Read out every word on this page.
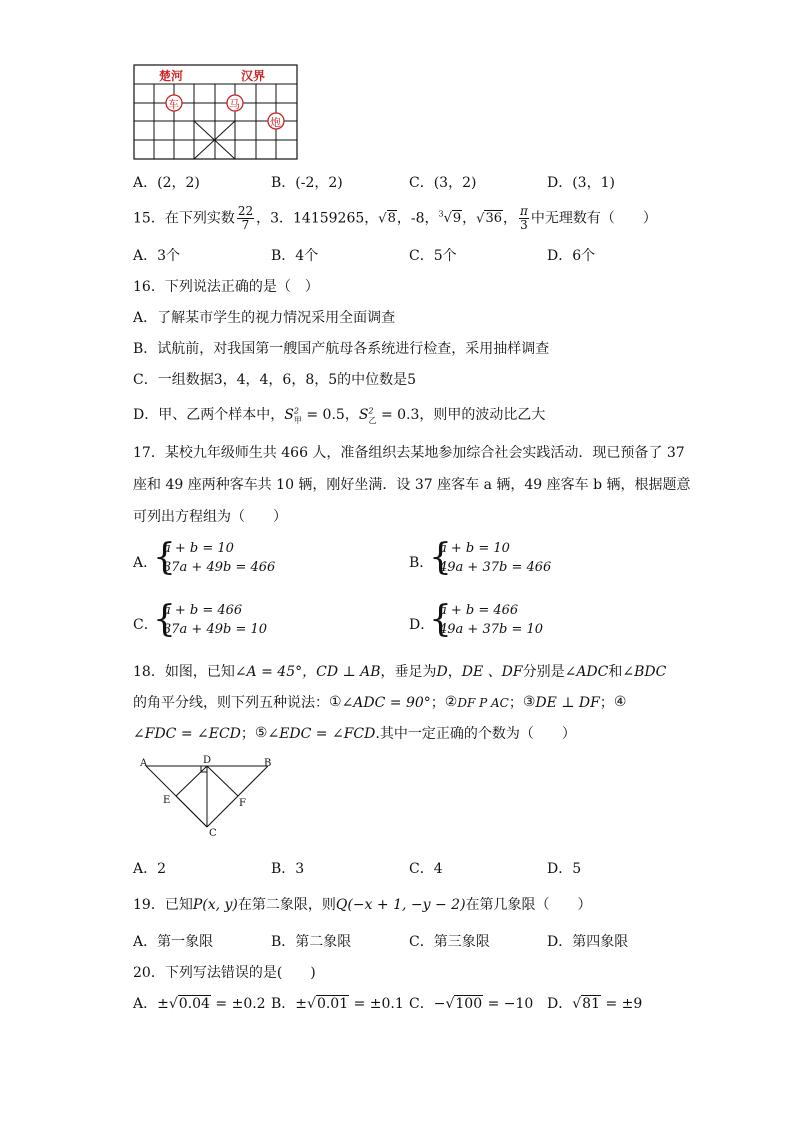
楚河	汉界
车	马
炮
A．(2，2)	B．(-2，2)	C．(3，2)	D．(3，1)
15．在下列实数 $\frac{22}{7}$ ，3．14159265，√8，-8，$^3$√9，√36， $\frac{\pi}{3}$ 中无理数有（　　）
A．3个	B．4个	C．5个	D．6个
16．下列说法正确的是（　）
A．了解某市学生的视力情况采用全面调查
B．试航前，对我国第一艘国产航母各系统进行检查，采用抽样调查
C．一组数据3，4，4，6，8，5的中位数是5
D．甲、乙两个样本中，$S^2_甲 = 0.5$，$S^2_乙 = 0.3$，则甲的波动比乙大
17．某校九年级师生共 466 人，准备组织去某地参加综合社会实践活动．现已预备了 37
座和 49 座两种客车共 10 辆，刚好坐满．设 37 座客车 a 辆，49 座客车 b 辆，根据题意
可列出方程组为（　　）
A．
{
a + b = 10
37a + 49b = 466	B．
{
a + b = 10
49a + 37b = 466
C．
{
a + b = 466
37a + 49b = 10	D．
{
a + b = 466
49a + 37b = 10
18．如图，已知∠A = 45°，CD ⊥ AB，垂足为D，DE 、DF分别是∠ADC和∠BDC
的角平分线，则下列五种说法：①∠ADC = 90°；②DF P AC；③DE ⊥ DF；④
∠FDC = ∠ECD；⑤∠EDC = ∠FCD.其中一定正确的个数为（　　）
A	B
D
E	F
C
A．2	B．3	C．4	D．5
19．已知P(x, y)在第二象限，则Q(−x + 1, −y − 2)在第几象限（　　）
A．第一象限	B．第二象限	C．第三象限	D．第四象限
20．下列写法错误的是(　　)
A．±√0.04 = ±0.2 B．±√0.01 = ±0.1 C．−√100 = −10 D．√81 = ±9
